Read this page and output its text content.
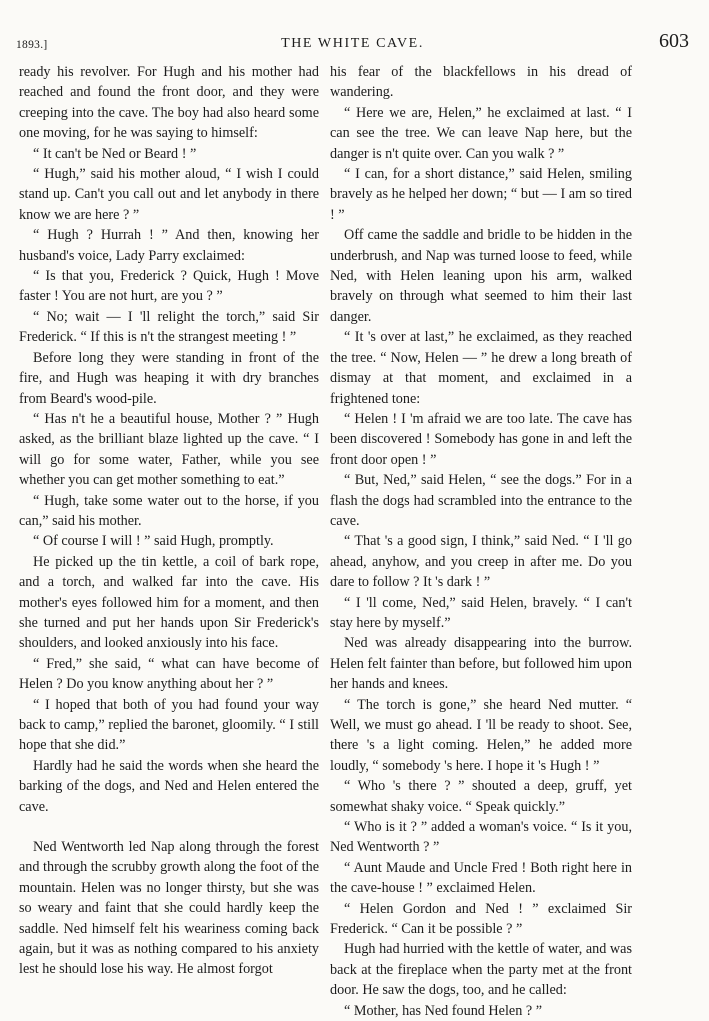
1893.]	THE WHITE CAVE.	603

ready his revolver. For Hugh and his mother had reached and found the front door, and they were creeping into the cave. The boy had also heard some one moving, for he was saying to himself:

“ It can't be Ned or Beard ! ”

“ Hugh,” said his mother aloud, “ I wish I could stand up. Can't you call out and let anybody in there know we are here ? ”

“ Hugh ? Hurrah ! ” And then, knowing her husband's voice, Lady Parry exclaimed:

“ Is that you, Frederick ? Quick, Hugh ! Move faster ! You are not hurt, are you ? ”

“ No; wait — I 'll relight the torch,” said Sir Frederick. “ If this is n't the strangest meeting ! ”

Before long they were standing in front of the fire, and Hugh was heaping it with dry branches from Beard's wood-pile.

“ Has n't he a beautiful house, Mother ? ” Hugh asked, as the brilliant blaze lighted up the cave. “ I will go for some water, Father, while you see whether you can get mother something to eat.”

“ Hugh, take some water out to the horse, if you can,” said his mother.

“ Of course I will ! ” said Hugh, promptly.

He picked up the tin kettle, a coil of bark rope, and a torch, and walked far into the cave. His mother's eyes followed him for a moment, and then she turned and put her hands upon Sir Frederick's shoulders, and looked anxiously into his face.

“ Fred,” she said, “ what can have become of Helen ? Do you know anything about her ? ”

“ I hoped that both of you had found your way back to camp,” replied the baronet, gloomily. “ I still hope that she did.”

Hardly had he said the words when she heard the barking of the dogs, and Ned and Helen entered the cave.

Ned Wentworth led Nap along through the forest and through the scrubby growth along the foot of the mountain. Helen was no longer thirsty, but she was so weary and faint that she could hardly keep the saddle. Ned himself felt his weariness coming back again, but it was as nothing compared to his anxiety lest he should lose his way. He almost forgot

his fear of the blackfellows in his dread of wandering.

“ Here we are, Helen,” he exclaimed at last. “ I can see the tree. We can leave Nap here, but the danger is n't quite over. Can you walk ? ”

“ I can, for a short distance,” said Helen, smiling bravely as he helped her down; “ but — I am so tired ! ”

Off came the saddle and bridle to be hidden in the underbrush, and Nap was turned loose to feed, while Ned, with Helen leaning upon his arm, walked bravely on through what seemed to him their last danger.

“ It 's over at last,” he exclaimed, as they reached the tree. “ Now, Helen — ” he drew a long breath of dismay at that moment, and exclaimed in a frightened tone:

“ Helen ! I 'm afraid we are too late. The cave has been discovered ! Somebody has gone in and left the front door open ! ”

“ But, Ned,” said Helen, “ see the dogs.” For in a flash the dogs had scrambled into the entrance to the cave.

“ That 's a good sign, I think,” said Ned. “ I 'll go ahead, anyhow, and you creep in after me. Do you dare to follow ? It 's dark ! ”

“ I 'll come, Ned,” said Helen, bravely. “ I can't stay here by myself.”

Ned was already disappearing into the burrow. Helen felt fainter than before, but followed him upon her hands and knees.

“ The torch is gone,” she heard Ned mutter. “ Well, we must go ahead. I 'll be ready to shoot. See, there 's a light coming. Helen,” he added more loudly, “ somebody 's here. I hope it 's Hugh ! ”

“ Who 's there ? ” shouted a deep, gruff, yet somewhat shaky voice. “ Speak quickly.”

“ Who is it ? ” added a woman's voice. “ Is it you, Ned Wentworth ? ”

“ Aunt Maude and Uncle Fred ! Both right here in the cave-house ! ” exclaimed Helen.

“ Helen Gordon and Ned ! ” exclaimed Sir Frederick. “ Can it be possible ? ”

Hugh had hurried with the kettle of water, and was back at the fireplace when the party met at the front door. He saw the dogs, too, and he called:

“ Mother, has Ned found Helen ? ”
